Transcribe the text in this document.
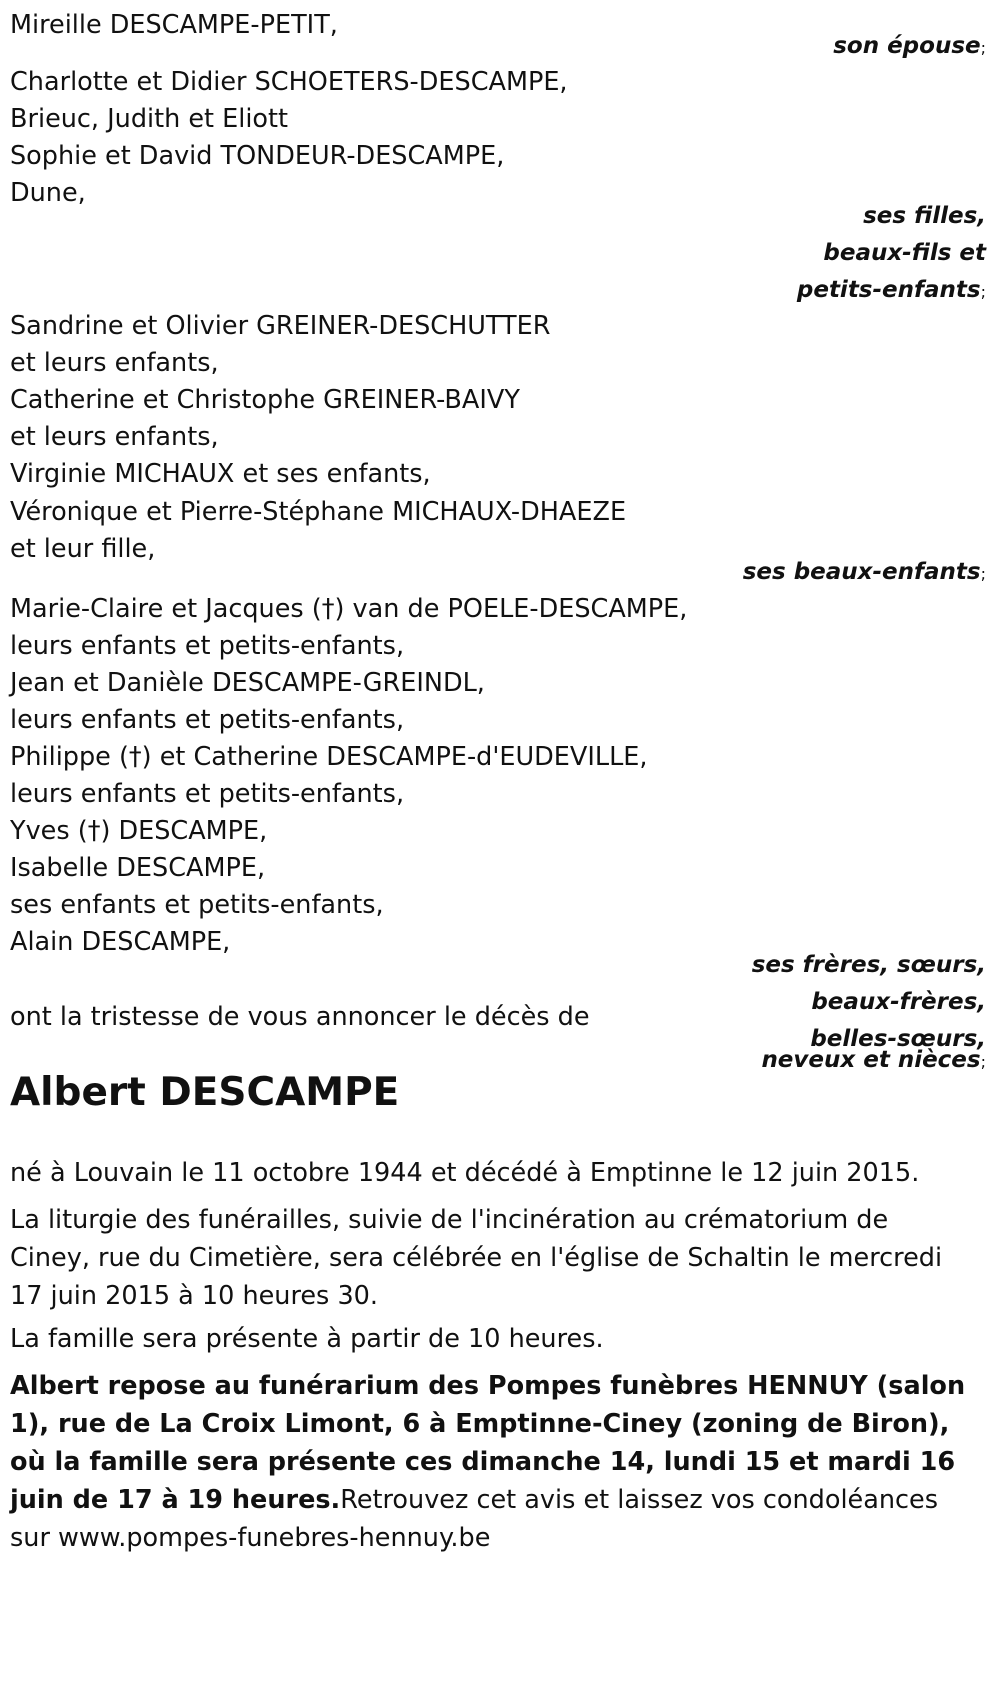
Mireille DESCAMPE-PETIT,
son épouse;
Charlotte et Didier SCHOETERS-DESCAMPE,
Brieuc, Judith et Eliott
Sophie et David TONDEUR-DESCAMPE,
Dune,
ses filles,
beaux-fils et
petits-enfants;
Sandrine et Olivier GREINER-DESCHUTTER
et leurs enfants,
Catherine et Christophe GREINER-BAIVY
et leurs enfants,
Virginie MICHAUX et ses enfants,
Véronique et Pierre-Stéphane MICHAUX-DHAEZE
et leur fille,
ses beaux-enfants;
Marie-Claire et Jacques (†) van de POELE-DESCAMPE,
leurs enfants et petits-enfants,
Jean et Danièle DESCAMPE-GREINDL,
leurs enfants et petits-enfants,
Philippe (†) et Catherine DESCAMPE-d'EUDEVILLE,
leurs enfants et petits-enfants,
Yves (†) DESCAMPE,
Isabelle DESCAMPE,
ses enfants et petits-enfants,
Alain DESCAMPE,
ses frères, sœurs,
beaux-frères,
belles-sœurs,
neveux et nièces;
ont la tristesse de vous annoncer le décès de
Albert DESCAMPE
né à Louvain le 11 octobre 1944 et décédé à Emptinne le 12 juin 2015.
La liturgie des funérailles, suivie de l'incinération au crématorium de Ciney, rue du Cimetière, sera célébrée en l'église de Schaltin le mercredi 17 juin 2015 à 10 heures 30.
La famille sera présente à partir de 10 heures.
Albert repose au funérarium des Pompes funèbres HENNUY (salon 1), rue de La Croix Limont, 6 à Emptinne-Ciney (zoning de Biron), où la famille sera présente ces dimanche 14, lundi 15 et mardi 16 juin de 17 à 19 heures.Retrouvez cet avis et laissez vos condoléances sur www.pompes-funebres-hennuy.be
